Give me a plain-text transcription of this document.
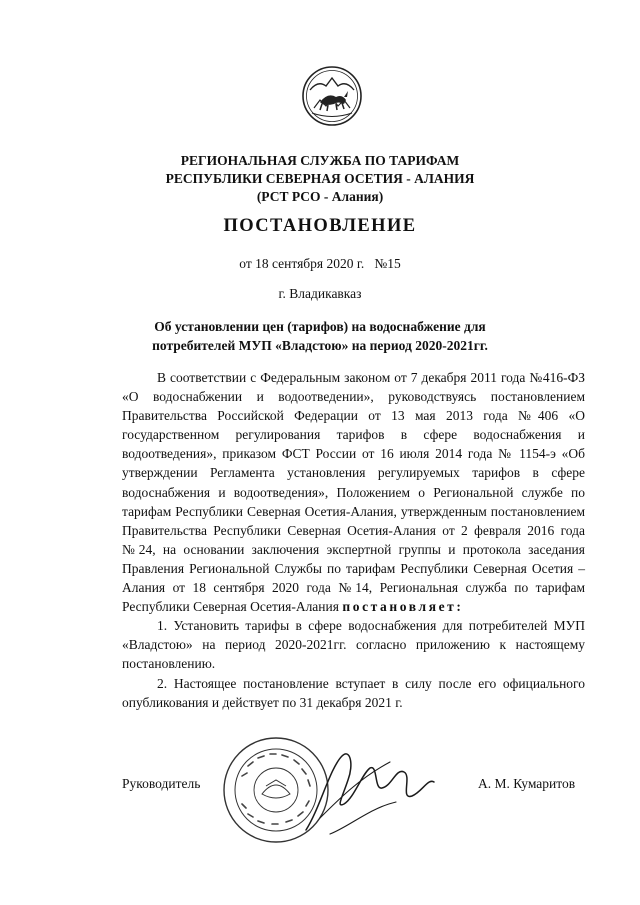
РЕГИОНАЛЬНАЯ СЛУЖБА ПО ТАРИФАМ
РЕСПУБЛИКИ СЕВЕРНАЯ ОСЕТИЯ - АЛАНИЯ
(РСТ РСО - Алания)
ПОСТАНОВЛЕНИЕ
от 18 сентября 2020 г.   №15
г. Владикавказ
Об установлении цен (тарифов) на водоснабжение для
потребителей МУП «Владстою» на период 2020-2021гг.

В соответствии с Федеральным законом от 7 декабря 2011 года №416-ФЗ «О водоснабжении и водоотведении», руководствуясь постановлением Правительства Российской Федерации от 13 мая 2013 года №406 «О государственном регулирования тарифов в сфере водоснабжения и водоотведения», приказом ФСТ России от 16 июля 2014 года № 1154-э «Об утверждении Регламента установления регулируемых тарифов в сфере водоснабжения и водоотведения», Положением о Региональной службе по тарифам Республики Северная Осетия-Алания, утвержденным постановлением Правительства Республики Северная Осетия-Алания от 2 февраля 2016 года №24, на основании заключения экспертной группы и протокола заседания Правления Региональной Службы по тарифам Республики Северная Осетия – Алания от 18 сентября 2020 года №14, Региональная служба по тарифам Республики Северная Осетия-Алания постановляет:

1. Установить тарифы в сфере водоснабжения для потребителей МУП «Владстою» на период 2020-2021гг. согласно приложению к настоящему постановлению.

2. Настоящее постановление вступает в силу после его официального опубликования и действует по 31 декабря 2021 г.

Руководитель	А. М. Кумаритов
